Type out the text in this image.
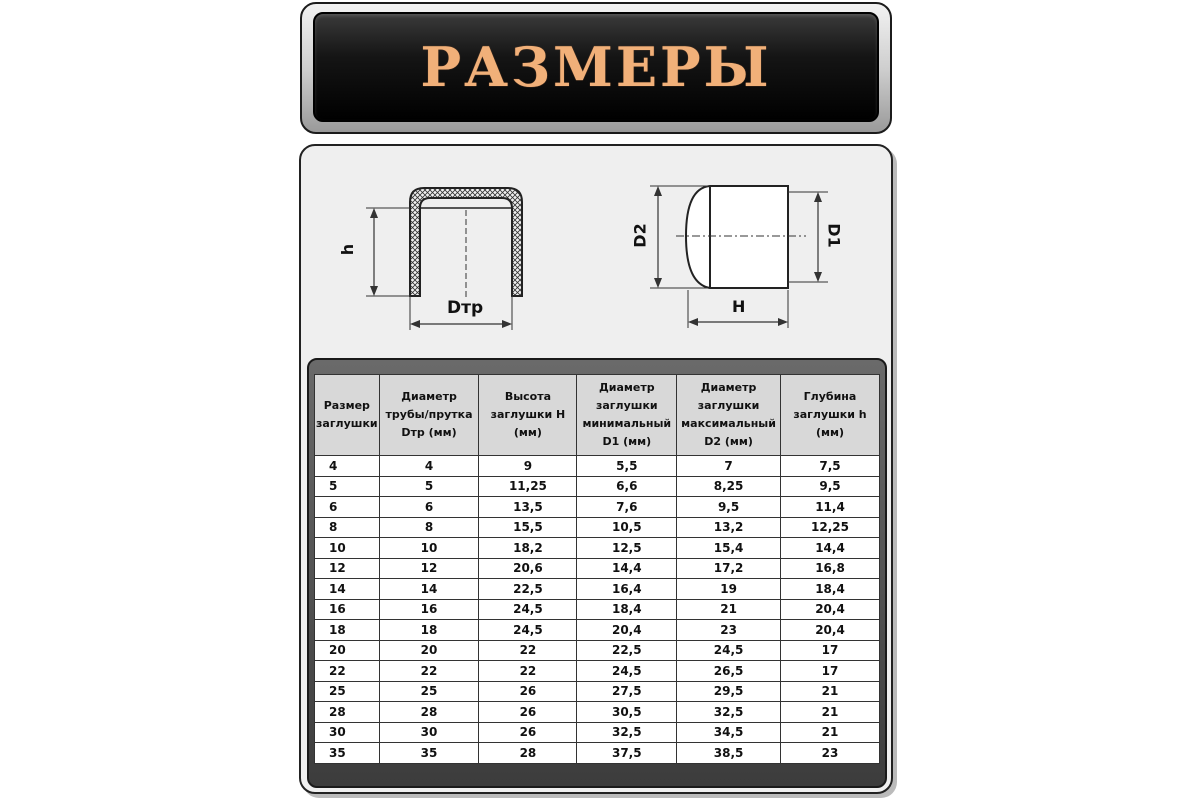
РАЗМЕРЫ
h
Dтр
D2	D1
H
Размер заглушки	Диаметр трубы/прутка Dтр (мм)	Высота заглушки H (мм)	Диаметр заглушки минимальный D1 (мм)	Диаметр заглушки максимальный D2 (мм)	Глубина заглушки h (мм)
4	4	9	5,5	7	7,5
5	5	11,25	6,6	8,25	9,5
6	6	13,5	7,6	9,5	11,4
8	8	15,5	10,5	13,2	12,25
10	10	18,2	12,5	15,4	14,4
12	12	20,6	14,4	17,2	16,8
14	14	22,5	16,4	19	18,4
16	16	24,5	18,4	21	20,4
18	18	24,5	20,4	23	20,4
20	20	22	22,5	24,5	17
22	22	22	24,5	26,5	17
25	25	26	27,5	29,5	21
28	28	26	30,5	32,5	21
30	30	26	32,5	34,5	21
35	35	28	37,5	38,5	23
